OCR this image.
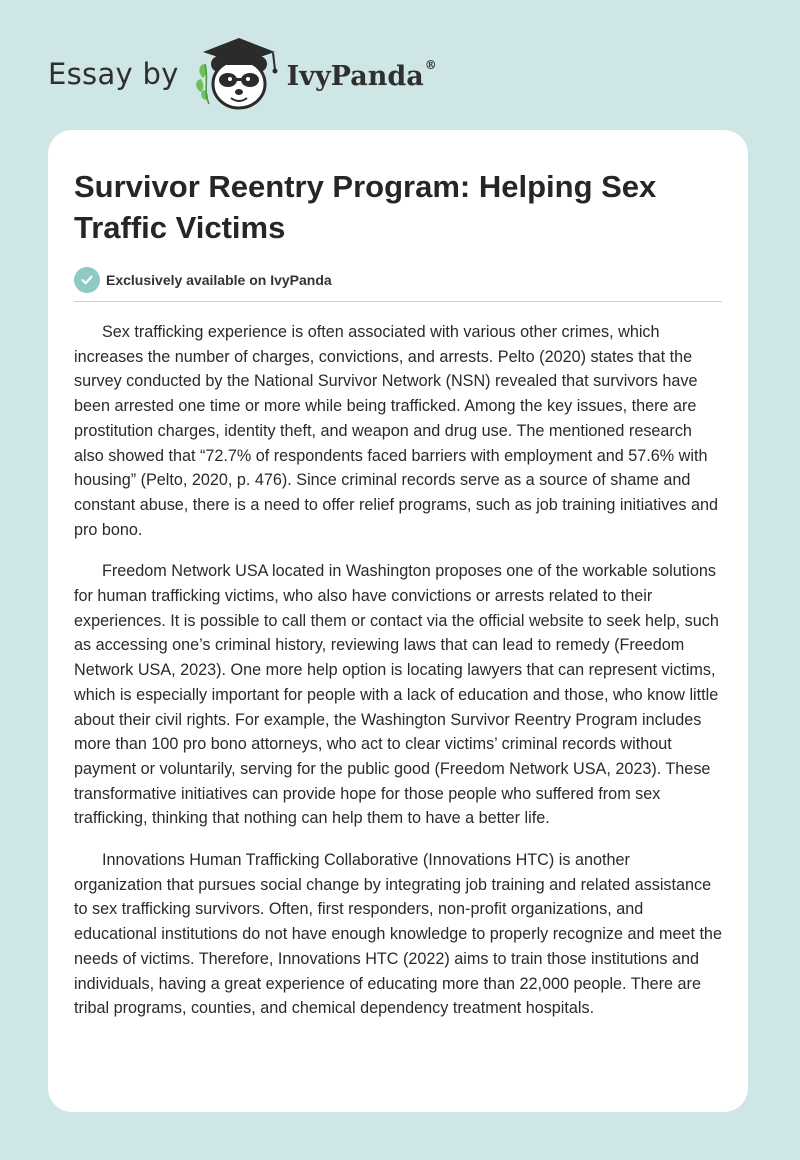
Essay by	IvyPanda®
Survivor Reentry Program: Helping Sex Traffic Victims
Exclusively available on IvyPanda

Sex trafficking experience is often associated with various other crimes, which increases the number of charges, convictions, and arrests. Pelto (2020) states that the survey conducted by the National Survivor Network (NSN) revealed that survivors have been arrested one time or more while being trafficked. Among the key issues, there are prostitution charges, identity theft, and weapon and drug use. The mentioned research also showed that “72.7% of respondents faced barriers with employment and 57.6% with housing” (Pelto, 2020, p. 476). Since criminal records serve as a source of shame and constant abuse, there is a need to offer relief programs, such as job training initiatives and pro bono.

Freedom Network USA located in Washington proposes one of the workable solutions for human trafficking victims, who also have convictions or arrests related to their experiences. It is possible to call them or contact via the official website to seek help, such as accessing one’s criminal history, reviewing laws that can lead to remedy (Freedom Network USA, 2023). One more help option is locating lawyers that can represent victims, which is especially important for people with a lack of education and those, who know little about their civil rights. For example, the Washington Survivor Reentry Program includes more than 100 pro bono attorneys, who act to clear victims’ criminal records without payment or voluntarily, serving for the public good (Freedom Network USA, 2023). These transformative initiatives can provide hope for those people who suffered from sex trafficking, thinking that nothing can help them to have a better life.

Innovations Human Trafficking Collaborative (Innovations HTC) is another organization that pursues social change by integrating job training and related assistance to sex trafficking survivors. Often, first responders, non-profit organizations, and educational institutions do not have enough knowledge to properly recognize and meet the needs of victims. Therefore, Innovations HTC (2022) aims to train those institutions and individuals, having a great experience of educating more than 22,000 people. There are tribal programs, counties, and chemical dependency treatment hospitals.
